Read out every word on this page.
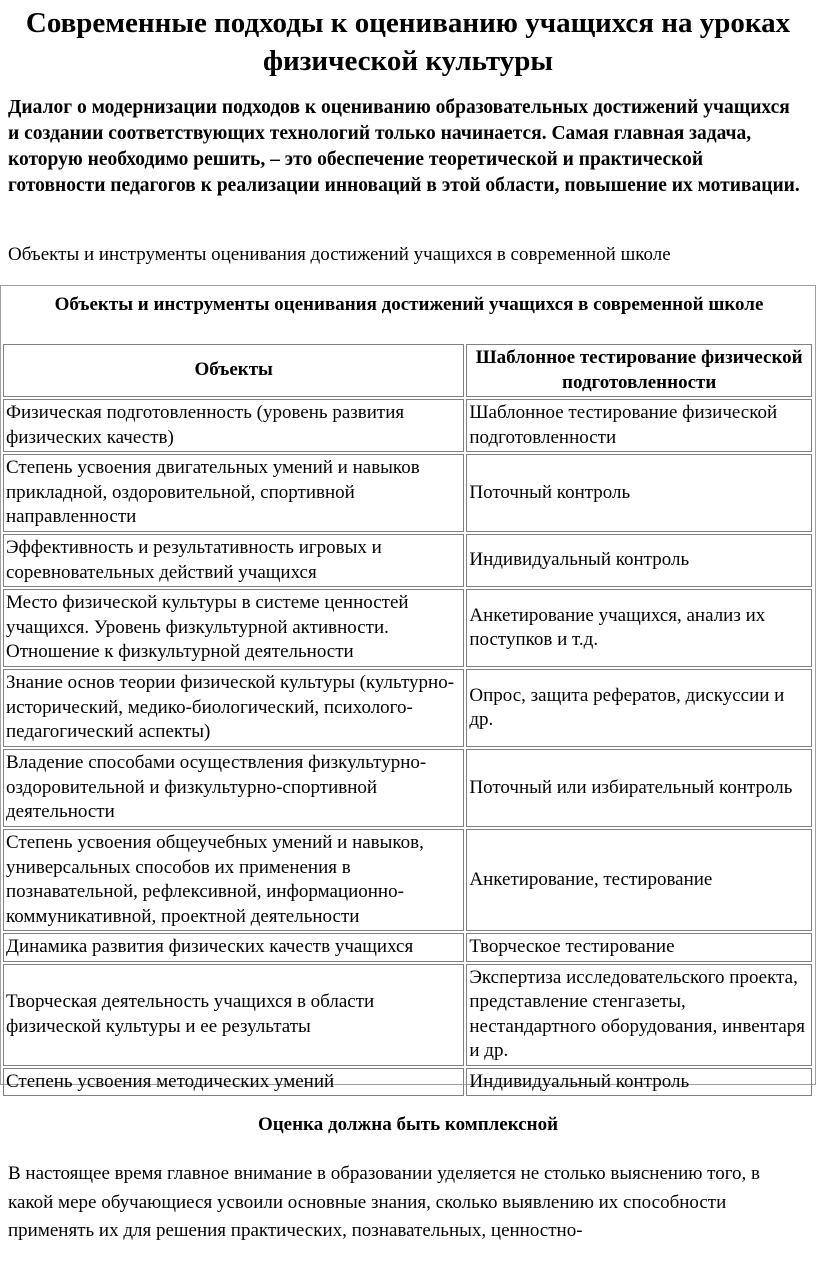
Современные подходы к оцениванию учащихся на уроках физической культуры

Диалог о модернизации подходов к оцениванию образовательных достижений учащихся и создании соответствующих технологий только начинается. Самая главная задача, которую необходимо решить, – это обеспечение теоретической и практической готовности педагогов к реализации инноваций в этой области, повышение их мотивации.

Объекты и инструменты оценивания достижений учащихся в современной школе

Объекты и инструменты оценивания достижений учащихся в современной школе
Объекты	Шаблонное тестирование физической подготовленности
Физическая подготовленность (уровень развития физических качеств)	Шаблонное тестирование физической подготовленности
Степень усвоения двигательных умений и навыков прикладной, оздоровительной, спортивной направленности	Поточный контроль
Эффективность и результативность игровых и соревновательных действий учащихся	Индивидуальный контроль
Место физической культуры в системе ценностей учащихся. Уровень физкультурной активности. Отношение к физкультурной деятельности	Анкетирование учащихся, анализ их поступков и т.д.
Знание основ теории физической культуры (культурно-исторический, медико-биологический, психолого-педагогический аспекты)	Опрос, защита рефератов, дискуссии и др.
Владение способами осуществления физкультурно-оздоровительной и физкультурно-спортивной деятельности	Поточный или избирательный контроль
Степень усвоения общеучебных умений и навыков, универсальных способов их применения в познавательной, рефлексивной, информационно-коммуникативной, проектной деятельности	Анкетирование, тестирование
Динамика развития физических качеств учащихся	Творческое тестирование
Творческая деятельность учащихся в области физической культуры и ее результаты	Экспертиза исследовательского проекта, представление стенгазеты, нестандартного оборудования, инвентаря и др.
Степень усвоения методических умений	Индивидуальный контроль
Оценка должна быть комплексной

В настоящее время главное внимание в образовании уделяется не столько выяснению того, в какой мере обучающиеся усвоили основные знания, сколько выявлению их способности применять их для решения практических, познавательных, ценностно-
